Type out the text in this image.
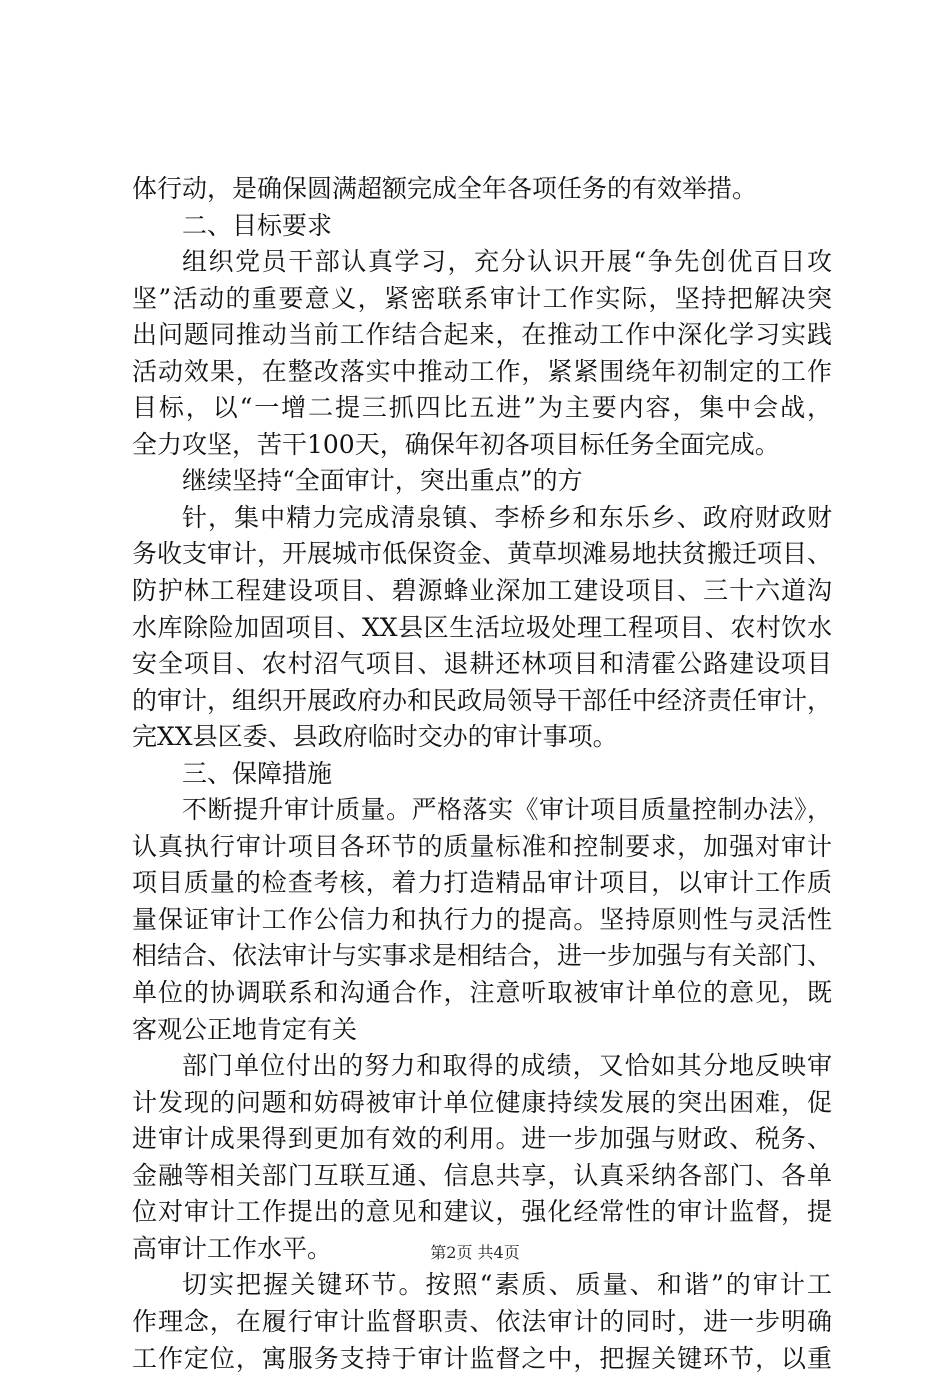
体行动，是确保圆满超额完成全年各项任务的有效举措。
二、目标要求
组织党员干部认真学习，充分认识开展“争先创优百日攻
坚”活动的重要意义，紧密联系审计工作实际，坚持把解决突
出问题同推动当前工作结合起来，在推动工作中深化学习实践
活动效果，在整改落实中推动工作，紧紧围绕年初制定的工作
目标，以“一增二提三抓四比五进”为主要内容，集中会战，
全力攻坚，苦干100天，确保年初各项目标任务全面完成。
继续坚持“全面审计，突出重点”的方
针，集中精力完成清泉镇、李桥乡和东乐乡、政府财政财
务收支审计，开展城市低保资金、黄草坝滩易地扶贫搬迁项目、
防护林工程建设项目、碧源蜂业深加工建设项目、三十六道沟
水库除险加固项目、XX县区生活垃圾处理工程项目、农村饮水
安全项目、农村沼气项目、退耕还林项目和清霍公路建设项目
的审计，组织开展政府办和民政局领导干部任中经济责任审计，
完XX县区委、县政府临时交办的审计事项。
三、保障措施
不断提升审计质量。严格落实《审计项目质量控制办法》，
认真执行审计项目各环节的质量标准和控制要求，加强对审计
项目质量的检查考核，着力打造精品审计项目，以审计工作质
量保证审计工作公信力和执行力的提高。坚持原则性与灵活性
相结合、依法审计与实事求是相结合，进一步加强与有关部门、
单位的协调联系和沟通合作，注意听取被审计单位的意见，既
客观公正地肯定有关
部门单位付出的努力和取得的成绩，又恰如其分地反映审
计发现的问题和妨碍被审计单位健康持续发展的突出困难，促
进审计成果得到更加有效的利用。进一步加强与财政、税务、
金融等相关部门互联互通、信息共享，认真采纳各部门、各单
位对审计工作提出的意见和建议，强化经常性的审计监督，提
高审计工作水平。
切实把握关键环节。按照“素质、质量、和谐”的审计工
作理念，在履行审计监督职责、依法审计的同时，进一步明确
工作定位，寓服务支持于审计监督之中，把握关键环节，以重
第2页 共4页
